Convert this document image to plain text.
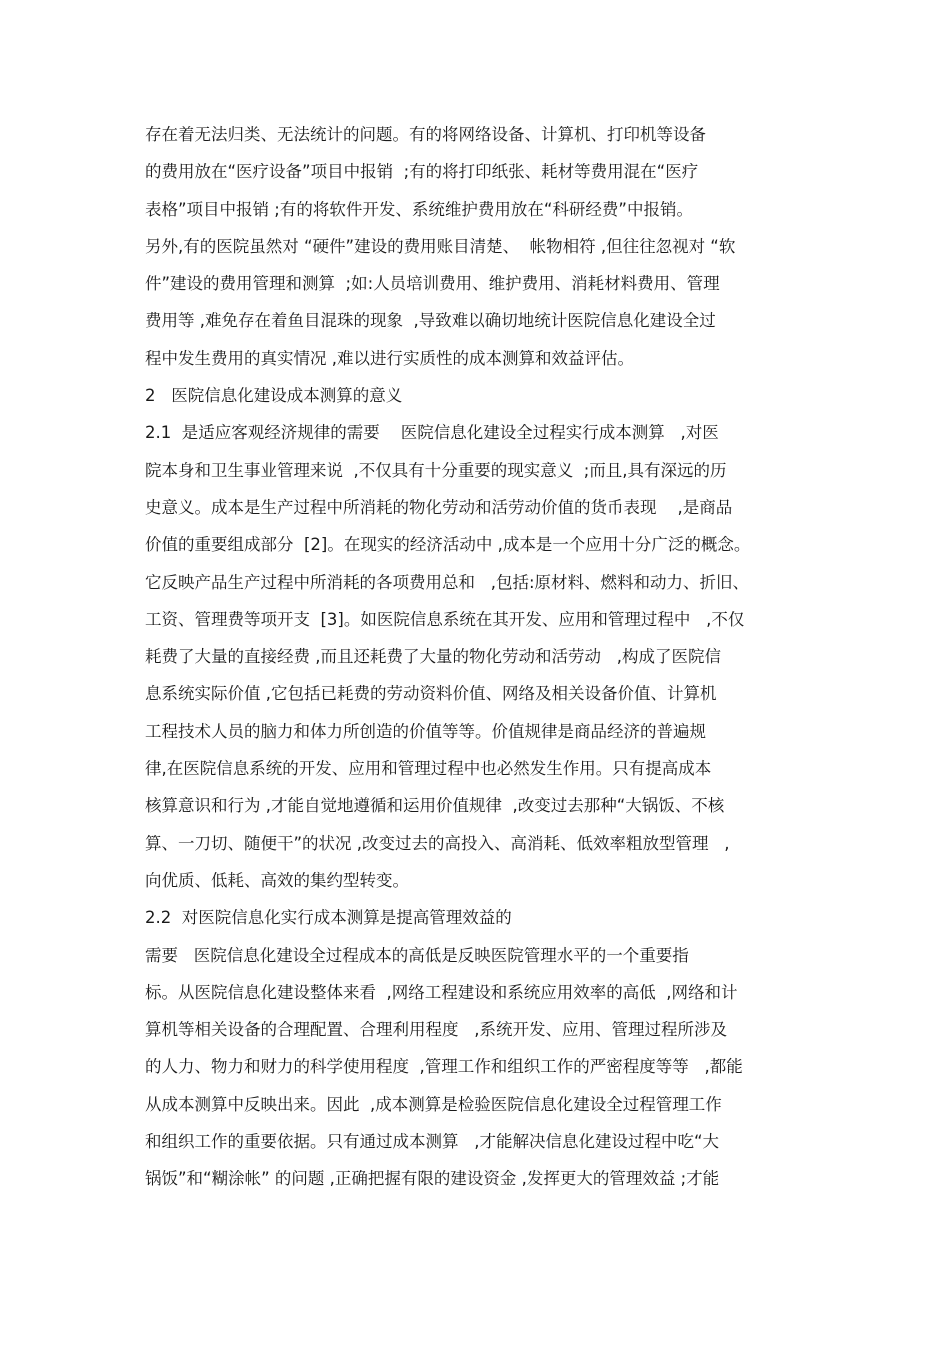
存在着无法归类、无法统计的问题。有的将网络设备、计算机、打印机等设备
的费用放在“医疗设备”项目中报销  ;有的将打印纸张、耗材等费用混在“医疗
表格”项目中报销 ;有的将软件开发、系统维护费用放在“科研经费”中报销。
另外,有的医院虽然对 “硬件”建设的费用账目清楚、  帐物相符 ,但往往忽视对 “软
件”建设的费用管理和测算  ;如:人员培训费用、维护费用、消耗材料费用、管理
费用等 ,难免存在着鱼目混珠的现象  ,导致难以确切地统计医院信息化建设全过
程中发生费用的真实情况 ,难以进行实质性的成本测算和效益评估。
2   医院信息化建设成本测算的意义
2.1  是适应客观经济规律的需要    医院信息化建设全过程实行成本测算   ,对医
院本身和卫生事业管理来说  ,不仅具有十分重要的现实意义  ;而且,具有深远的历
史意义。成本是生产过程中所消耗的物化劳动和活劳动价值的货币表现    ,是商品
价值的重要组成部分  [2]。在现实的经济活动中 ,成本是一个应用十分广泛的概念。
它反映产品生产过程中所消耗的各项费用总和   ,包括:原材料、燃料和动力、折旧、
工资、管理费等项开支  [3]。如医院信息系统在其开发、应用和管理过程中   ,不仅
耗费了大量的直接经费 ,而且还耗费了大量的物化劳动和活劳动   ,构成了医院信
息系统实际价值 ,它包括已耗费的劳动资料价值、网络及相关设备价值、计算机
工程技术人员的脑力和体力所创造的价值等等。价值规律是商品经济的普遍规
律,在医院信息系统的开发、应用和管理过程中也必然发生作用。只有提高成本
核算意识和行为 ,才能自觉地遵循和运用价值规律  ,改变过去那种“大锅饭、不核
算、一刀切、随便干”的状况 ,改变过去的高投入、高消耗、低效率粗放型管理   ,
向优质、低耗、高效的集约型转变。
2.2  对医院信息化实行成本测算是提高管理效益的
需要   医院信息化建设全过程成本的高低是反映医院管理水平的一个重要指
标。从医院信息化建设整体来看  ,网络工程建设和系统应用效率的高低  ,网络和计
算机等相关设备的合理配置、合理利用程度   ,系统开发、应用、管理过程所涉及
的人力、物力和财力的科学使用程度  ,管理工作和组织工作的严密程度等等   ,都能
从成本测算中反映出来。因此  ,成本测算是检验医院信息化建设全过程管理工作
和组织工作的重要依据。只有通过成本测算   ,才能解决信息化建设过程中吃“大
锅饭”和“糊涂帐” 的问题 ,正确把握有限的建设资金 ,发挥更大的管理效益 ;才能
